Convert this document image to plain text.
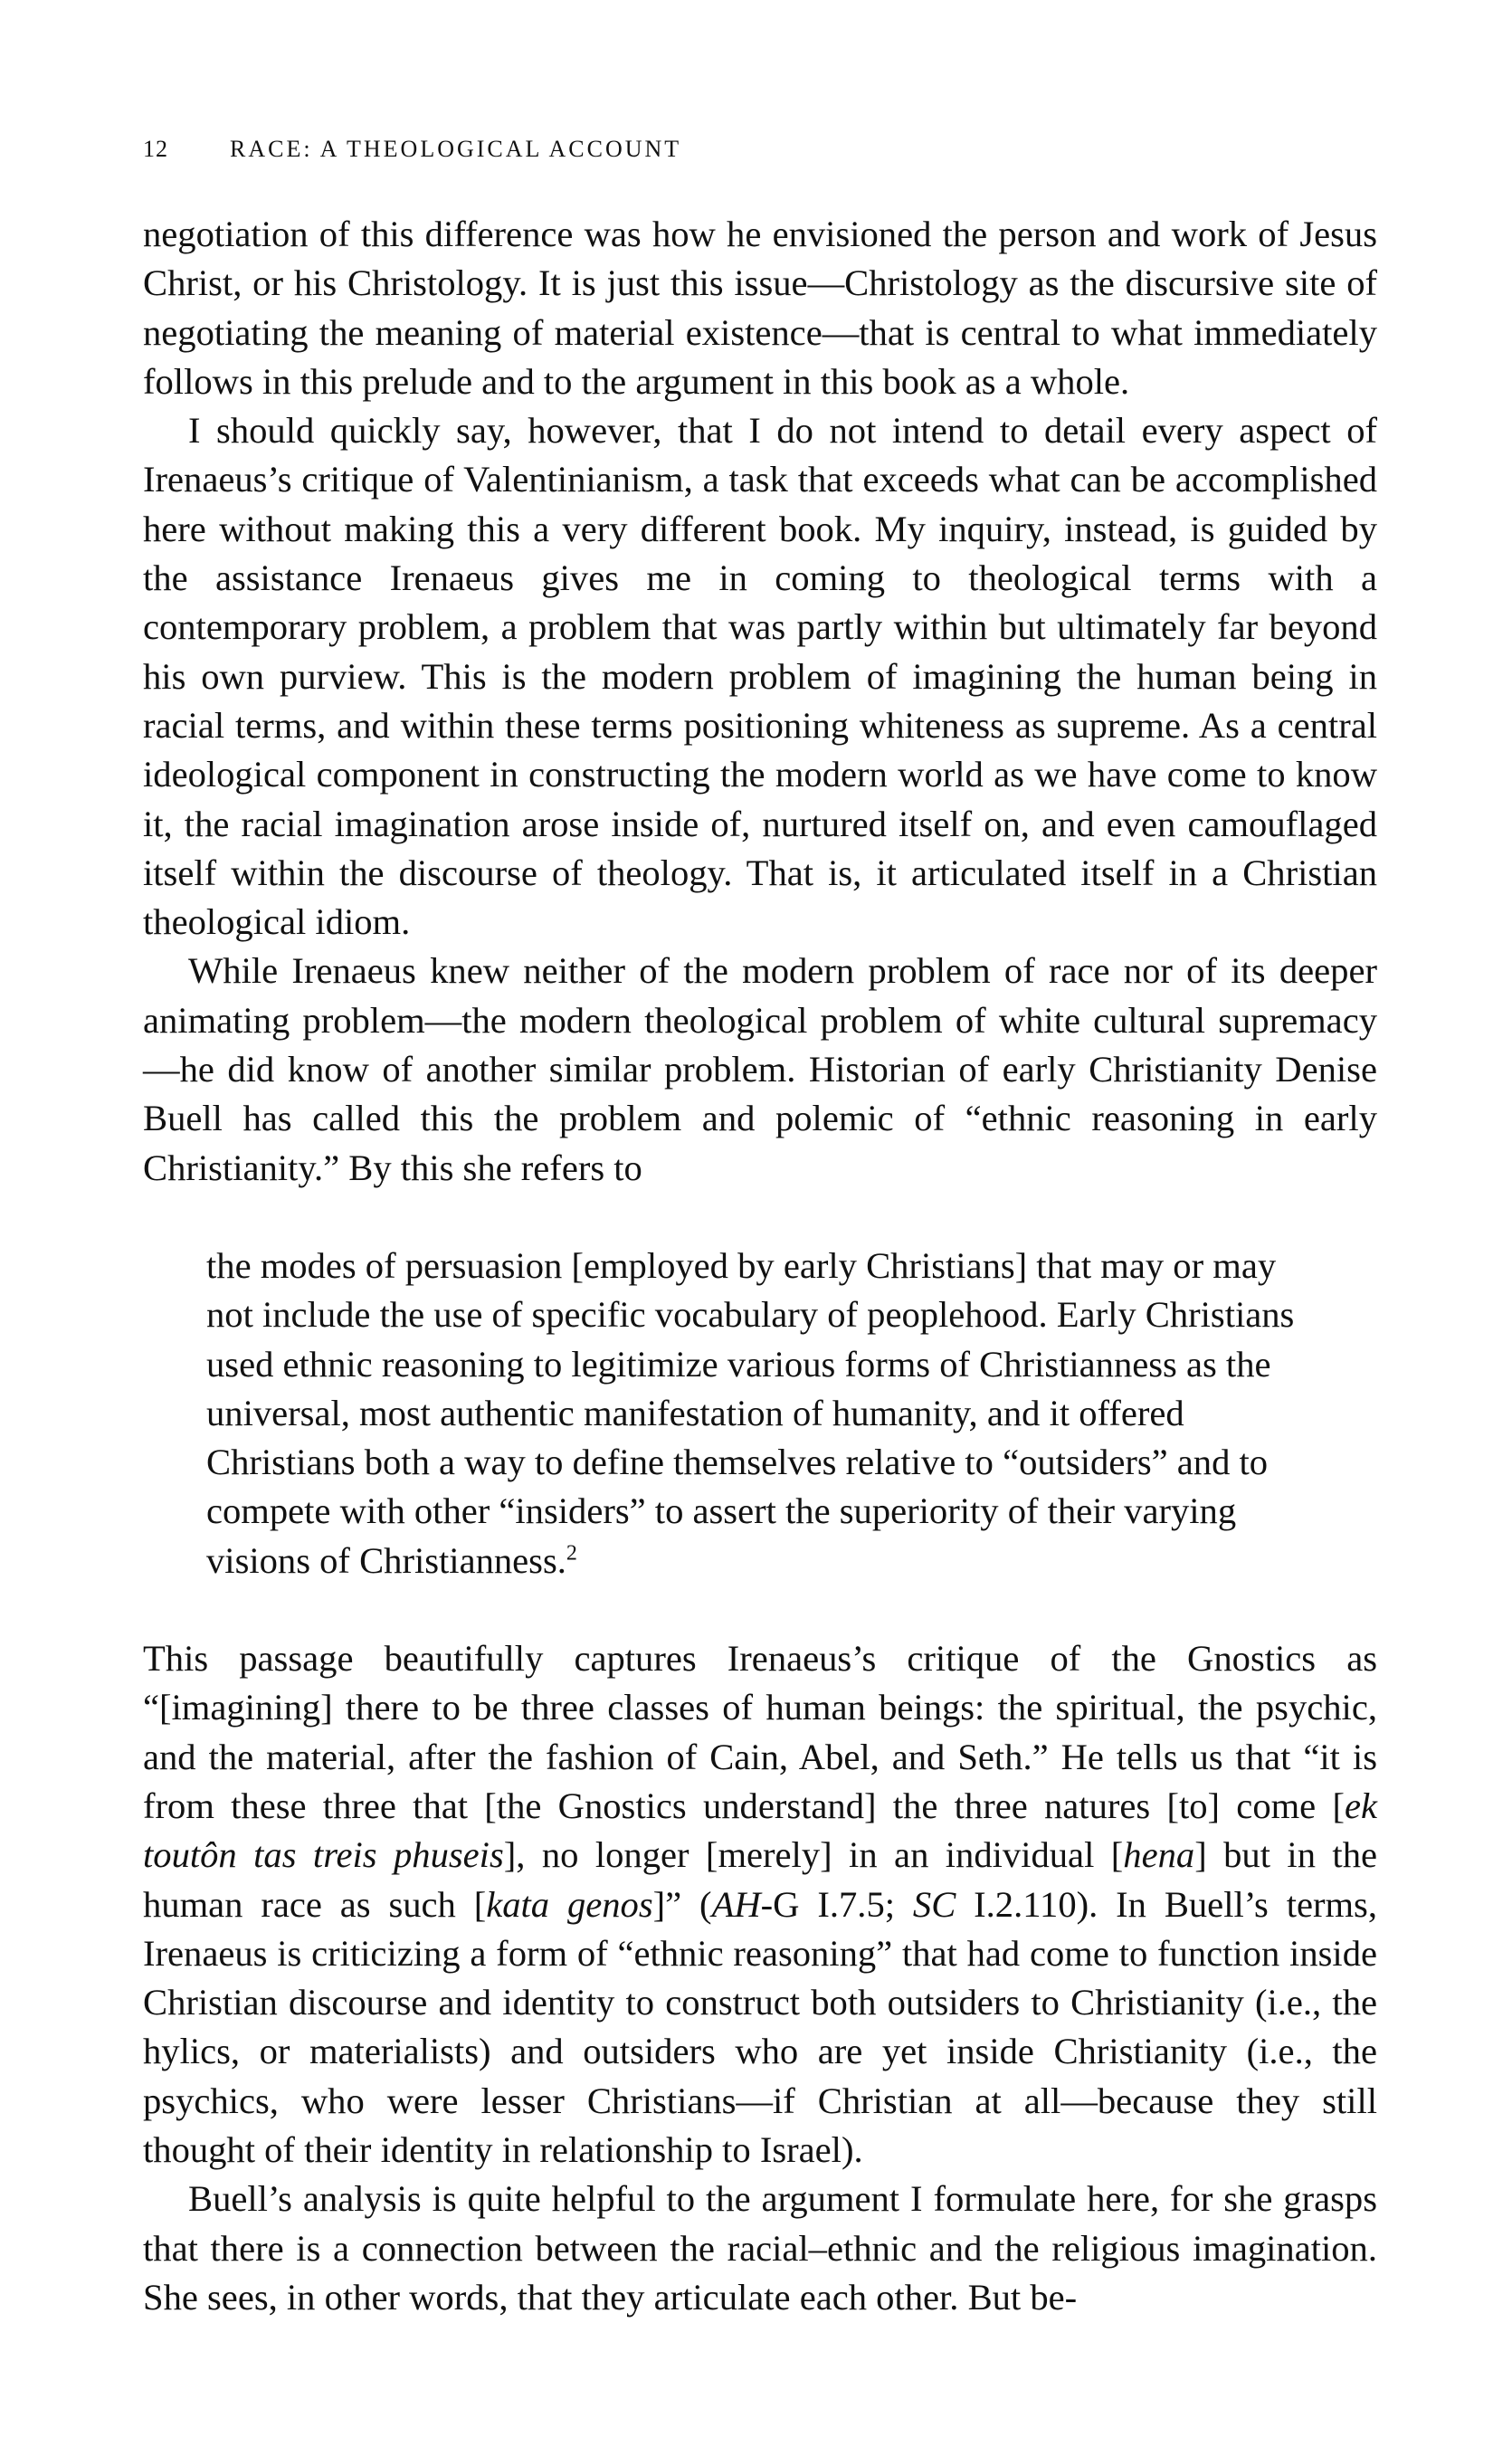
12	RACE: A THEOLOGICAL ACCOUNT

negotiation of this difference was how he envisioned the person and work of Jesus Christ, or his Christology. It is just this issue—Christology as the discursive site of negotiating the meaning of material existence—that is central to what immediately follows in this prelude and to the argument in this book as a whole.

I should quickly say, however, that I do not intend to detail every aspect of Irenaeus’s critique of Valentinianism, a task that exceeds what can be accomplished here without making this a very different book. My inquiry, instead, is guided by the assistance Irenaeus gives me in coming to theological terms with a contemporary problem, a problem that was partly within but ultimately far beyond his own purview. This is the modern problem of imagining the human being in racial terms, and within these terms positioning whiteness as supreme. As a central ideological component in constructing the modern world as we have come to know it, the racial imagination arose inside of, nurtured itself on, and even camouflaged itself within the discourse of theology. That is, it articulated itself in a Christian theological idiom.

While Irenaeus knew neither of the modern problem of race nor of its deeper animating problem—the modern theological problem of white cultural supremacy—he did know of another similar problem. Historian of early Christianity Denise Buell has called this the problem and polemic of “ethnic reasoning in early Christianity.” By this she refers to

the modes of persuasion [employed by early Christians] that may or may not include the use of specific vocabulary of peoplehood. Early Christians used ethnic reasoning to legitimize various forms of Christianness as the universal, most authentic manifestation of humanity, and it offered Christians both a way to define themselves relative to “outsiders” and to compete with other “insiders” to assert the superiority of their varying visions of Christianness.$^2$

This passage beautifully captures Irenaeus’s critique of the Gnostics as “[imagining] there to be three classes of human beings: the spiritual, the psychic, and the material, after the fashion of Cain, Abel, and Seth.” He tells us that “it is from these three that [the Gnostics understand] the three natures [to] come [ek toutôn tas treis phuseis], no longer [merely] in an individual [hena] but in the human race as such [kata genos]” (AH-G I.7.5; SC I.2.110). In Buell’s terms, Irenaeus is criticizing a form of “ethnic reasoning” that had come to function inside Christian discourse and identity to construct both outsiders to Christianity (i.e., the hylics, or materialists) and outsiders who are yet inside Christianity (i.e., the psychics, who were lesser Christians—if Christian at all—because they still thought of their identity in relationship to Israel).

Buell’s analysis is quite helpful to the argument I formulate here, for she grasps that there is a connection between the racial–ethnic and the religious imagination. She sees, in other words, that they articulate each other. But be-
